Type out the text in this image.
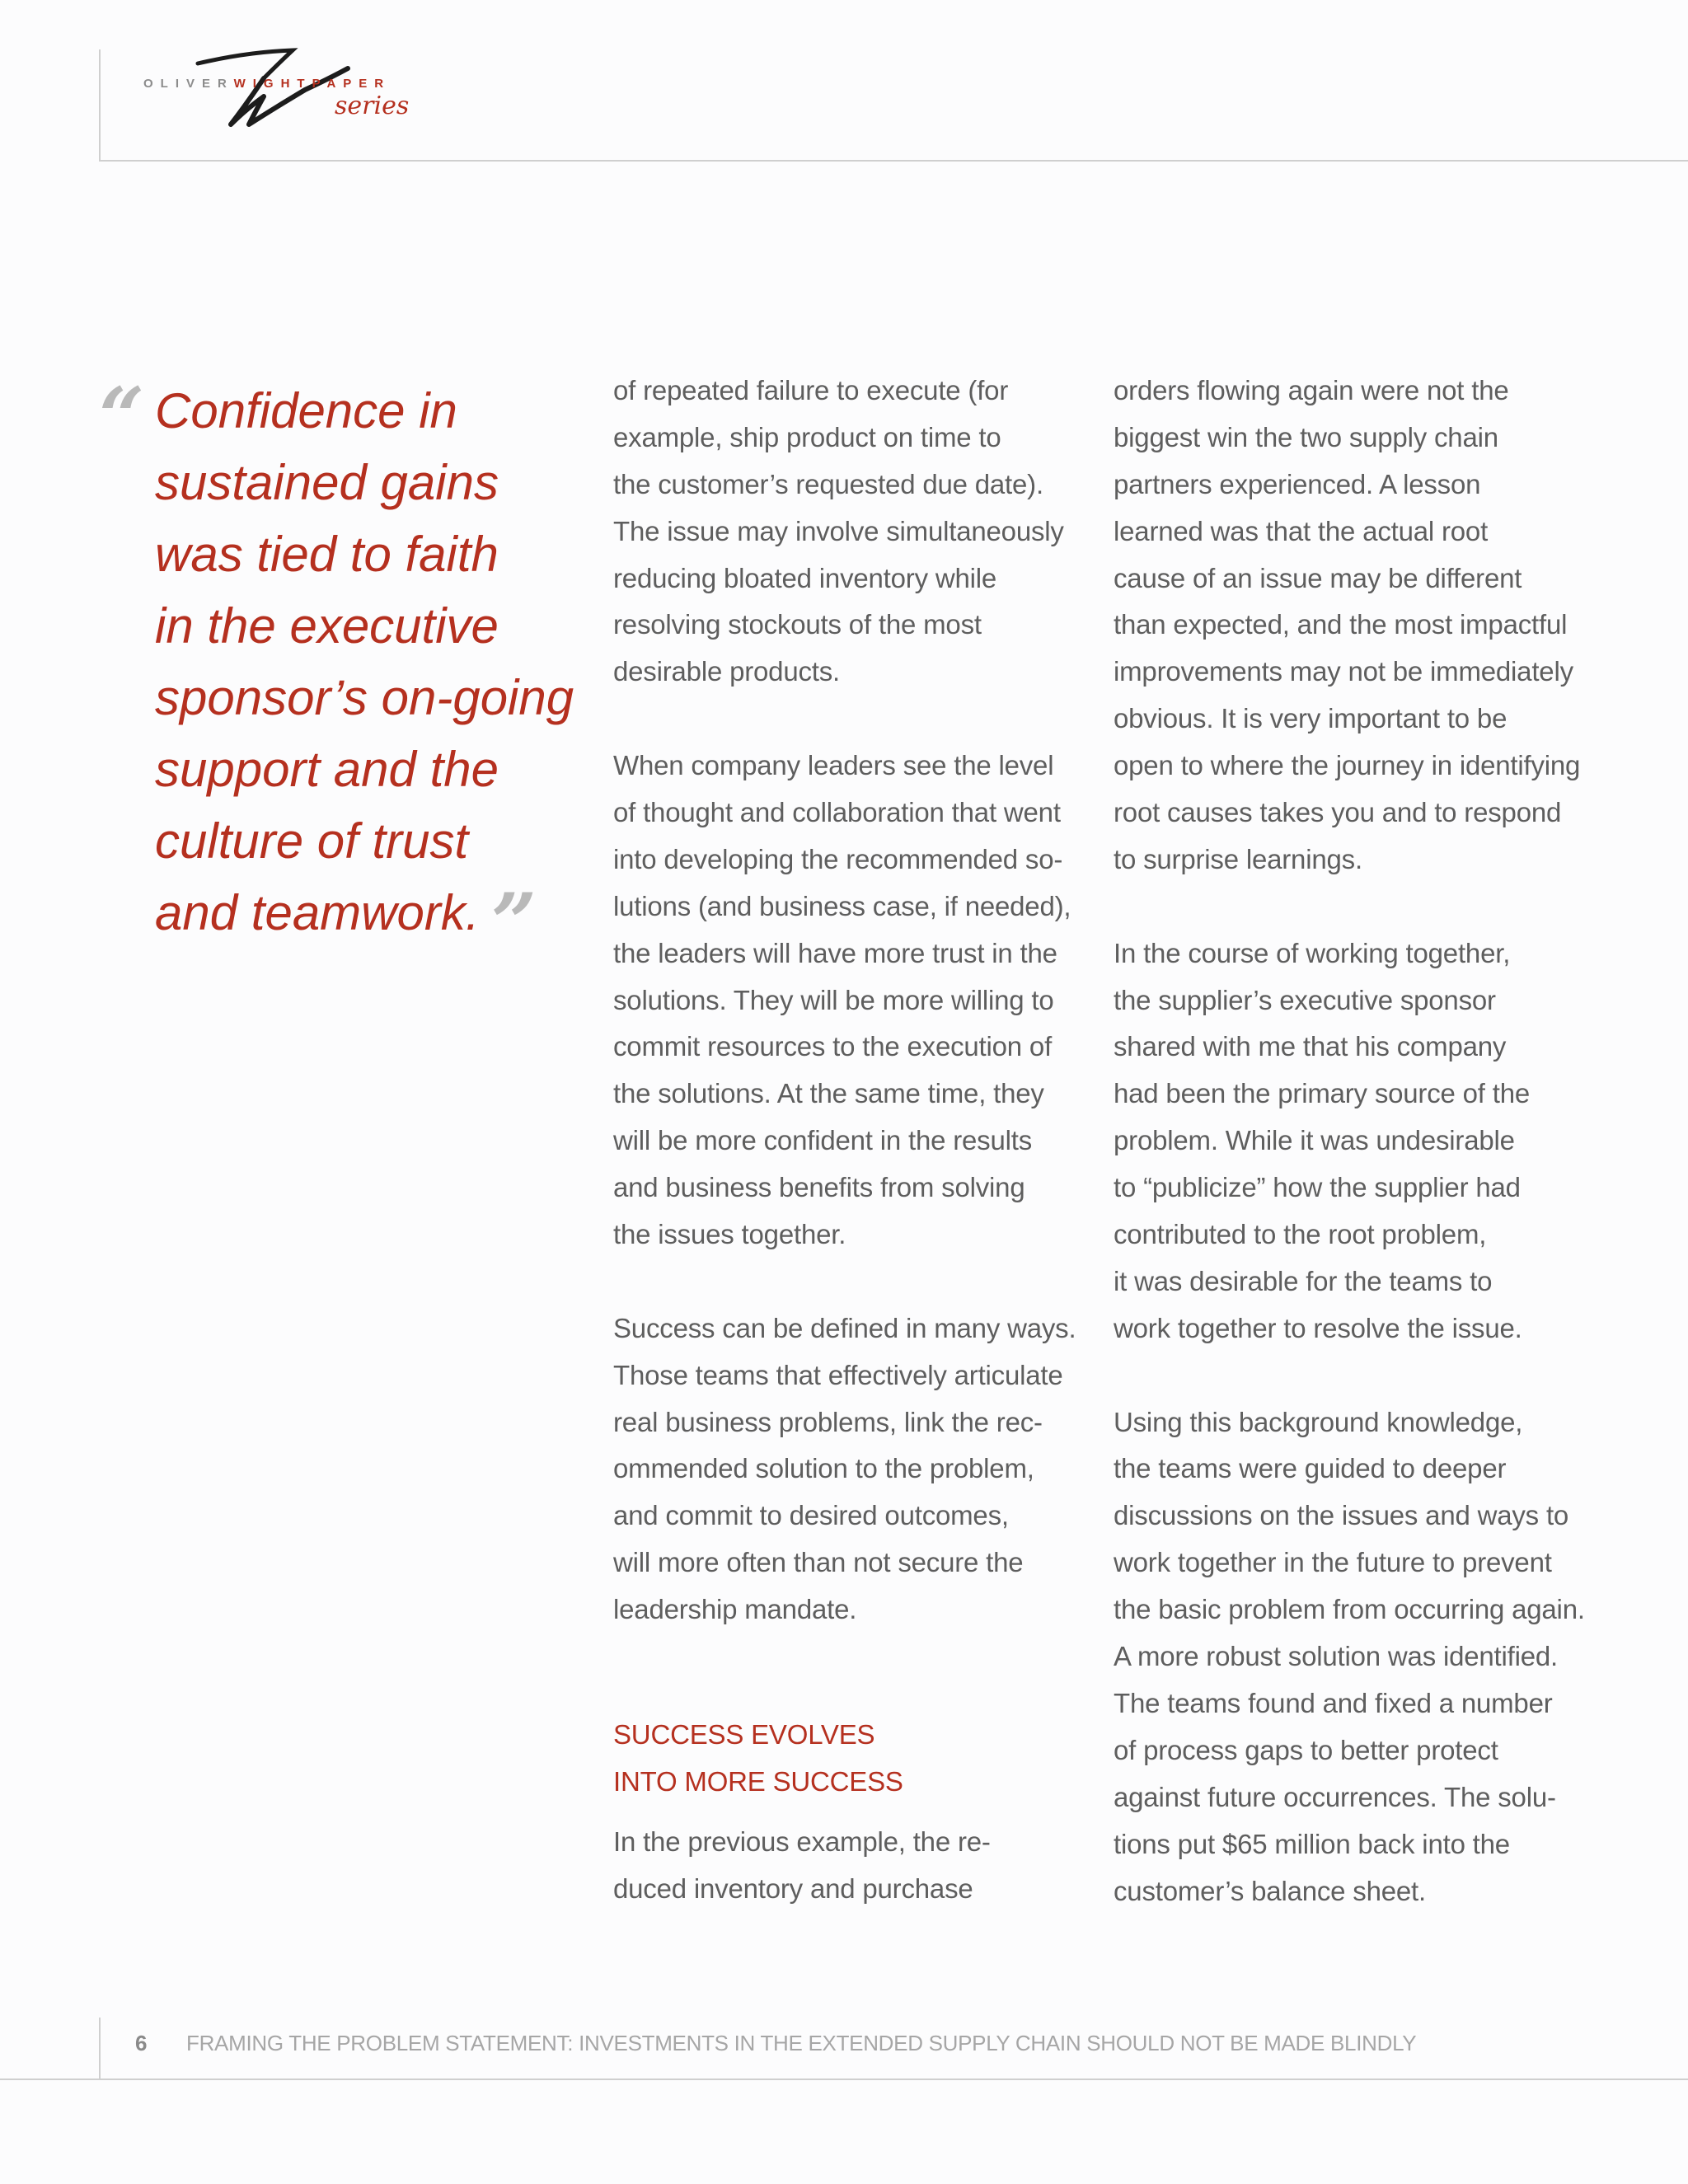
OLIVERWIGHTPAPER
series
“ Confidence in
sustained gains
was tied to faith
in the executive
sponsor’s on-going
support and the
culture of trust
and teamwork. ”
of repeated failure to execute (for
example, ship product on time to
the customer’s requested due date).
The issue may involve simultaneously
reducing bloated inventory while
resolving stockouts of the most
desirable products.
When company leaders see the level
of thought and collaboration that went
into developing the recommended so-
lutions (and business case, if needed),
the leaders will have more trust in the
solutions. They will be more willing to
commit resources to the execution of
the solutions. At the same time, they
will be more confident in the results
and business benefits from solving
the issues together.
Success can be defined in many ways.
Those teams that effectively articulate
real business problems, link the rec-
ommended solution to the problem,
and commit to desired outcomes,
will more often than not secure the
leadership mandate.
SUCCESS EVOLVES
INTO MORE SUCCESS
In the previous example, the re-
duced inventory and purchase
orders flowing again were not the
biggest win the two supply chain
partners experienced. A lesson
learned was that the actual root
cause of an issue may be different
than expected, and the most impactful
improvements may not be immediately
obvious. It is very important to be
open to where the journey in identifying
root causes takes you and to respond
to surprise learnings.
In the course of working together,
the supplier’s executive sponsor
shared with me that his company
had been the primary source of the
problem. While it was undesirable
to “publicize” how the supplier had
contributed to the root problem,
it was desirable for the teams to
work together to resolve the issue.
Using this background knowledge,
the teams were guided to deeper
discussions on the issues and ways to
work together in the future to prevent
the basic problem from occurring again.
A more robust solution was identified.
The teams found and fixed a number
of process gaps to better protect
against future occurrences. The solu-
tions put $65 million back into the
customer’s balance sheet.
6 FRAMING THE PROBLEM STATEMENT: INVESTMENTS IN THE EXTENDED SUPPLY CHAIN SHOULD NOT BE MADE BLINDLY
